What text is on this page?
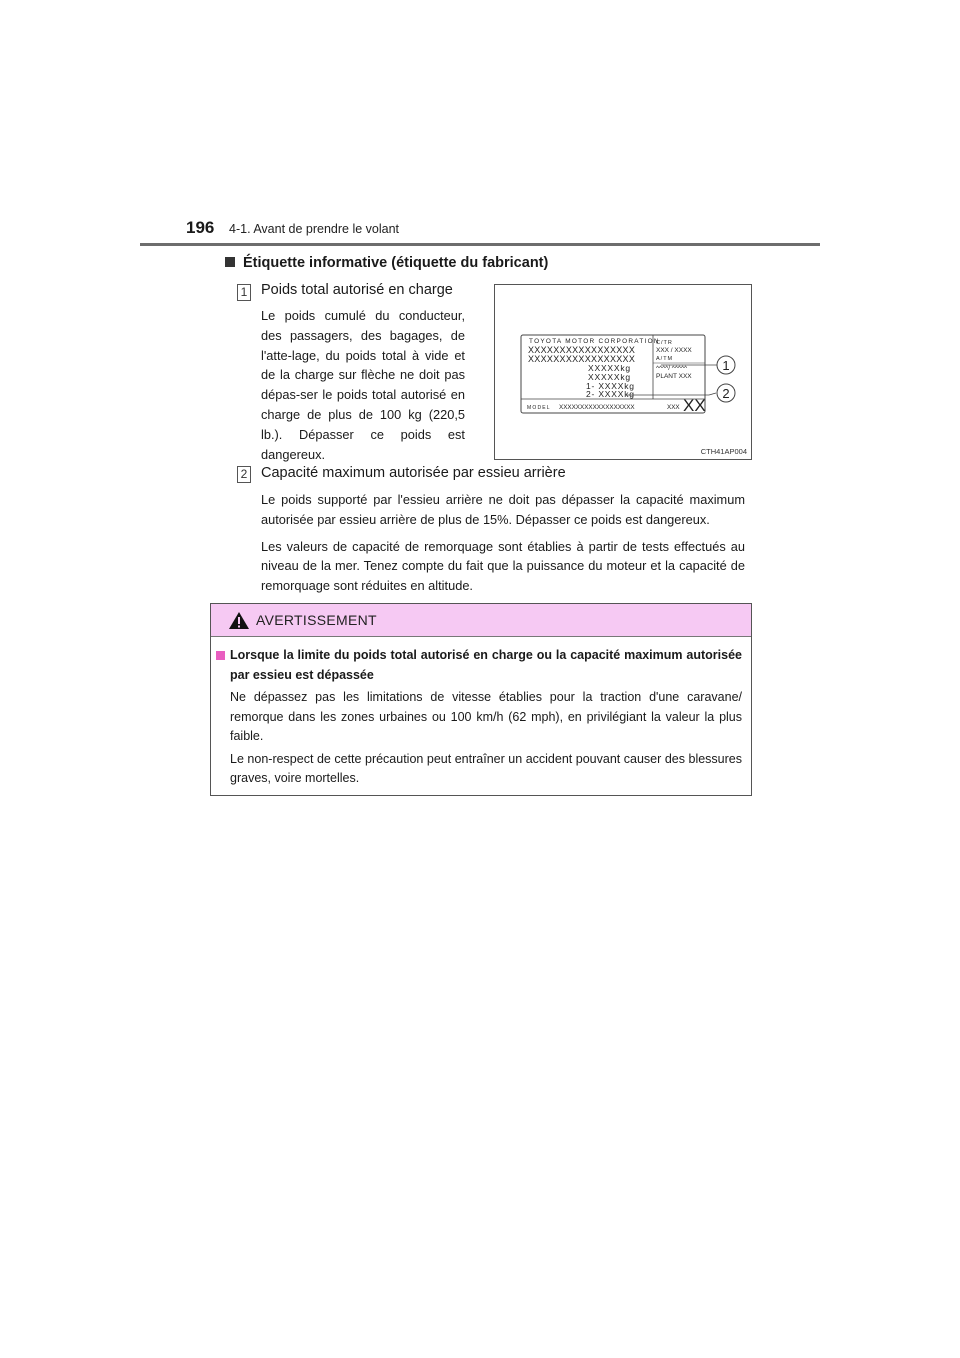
196 4-1. Avant de prendre le volant
Étiquette informative (étiquette du fabricant)
1 Poids total autorisé en charge

Le poids cumulé du conducteur, des passagers, des bagages, de l'atte-lage, du poids total à vide et de la charge sur flèche ne doit pas dépas-ser le poids total autorisé en charge de plus de 100 kg (220,5 lb.). Dépasser ce poids est dangereux.

TOYOTA MOTOR CORPORATION
XXXXXXXXXXXXXXXXX
XXXXXXXXXXXXXXXXX
XXXXXkg
XXXXXkg
1- XXXXkg
2- XXXXkg
C/TR
XXX / XXXX
A/TM
^^^^/ ^^^^^
PLANT XXX
MODEL XXXXXXXXXXXXXXXXXX	XXX XX
1
2
CTH41AP004
2 Capacité maximum autorisée par essieu arrière

Le poids supporté par l'essieu arrière ne doit pas dépasser la capacité maximum autorisée par essieu arrière de plus de 15%. Dépasser ce poids est dangereux.

Les valeurs de capacité de remorquage sont établies à partir de tests effectués au niveau de la mer. Tenez compte du fait que la puissance du moteur et la capacité de remorquage sont réduites en altitude.

AVERTISSEMENT
Lorsque la limite du poids total autorisé en charge ou la capacité maximum autorisée par essieu est dépassée

Ne dépassez pas les limitations de vitesse établies pour la traction d'une caravane/ remorque dans les zones urbaines ou 100 km/h (62 mph), en privilégiant la valeur la plus faible.

Le non-respect de cette précaution peut entraîner un accident pouvant causer des blessures graves, voire mortelles.
